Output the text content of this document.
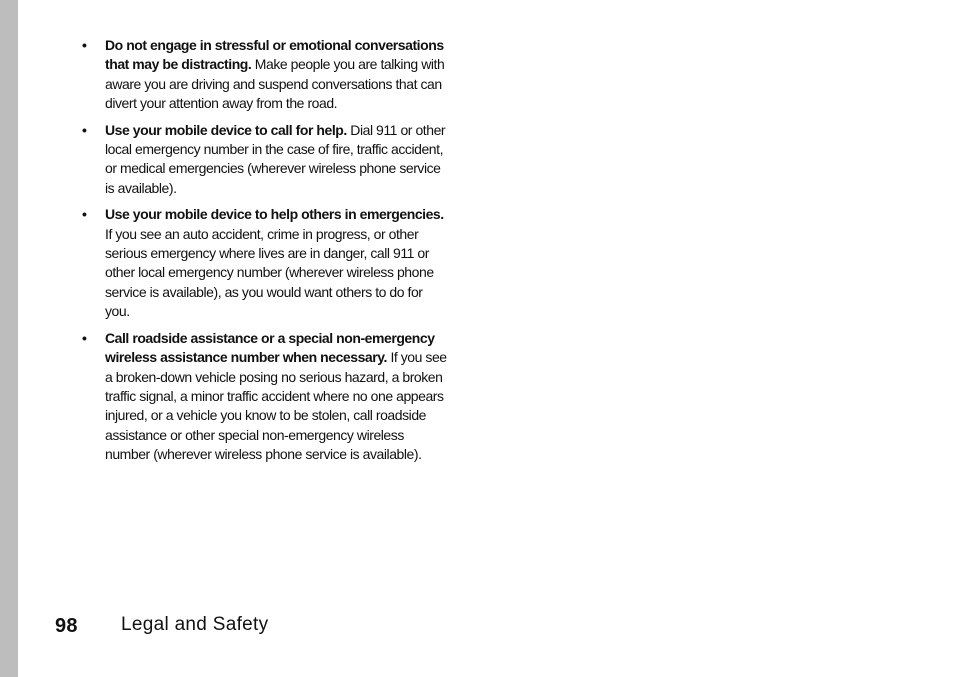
• Do not engage in stressful or emotional conversations that may be distracting. Make people you are talking with aware you are driving and suspend conversations that can divert your attention away from the road.
• Use your mobile device to call for help. Dial 911 or other local emergency number in the case of fire, traffic accident, or medical emergencies (wherever wireless phone service is available).
• Use your mobile device to help others in emergencies. If you see an auto accident, crime in progress, or other serious emergency where lives are in danger, call 911 or other local emergency number (wherever wireless phone service is available), as you would want others to do for you.
• Call roadside assistance or a special non-emergency wireless assistance number when necessary. If you see a broken-down vehicle posing no serious hazard, a broken traffic signal, a minor traffic accident where no one appears injured, or a vehicle you know to be stolen, call roadside assistance or other special non-emergency wireless number (wherever wireless phone service is available).
98 Legal and Safety
